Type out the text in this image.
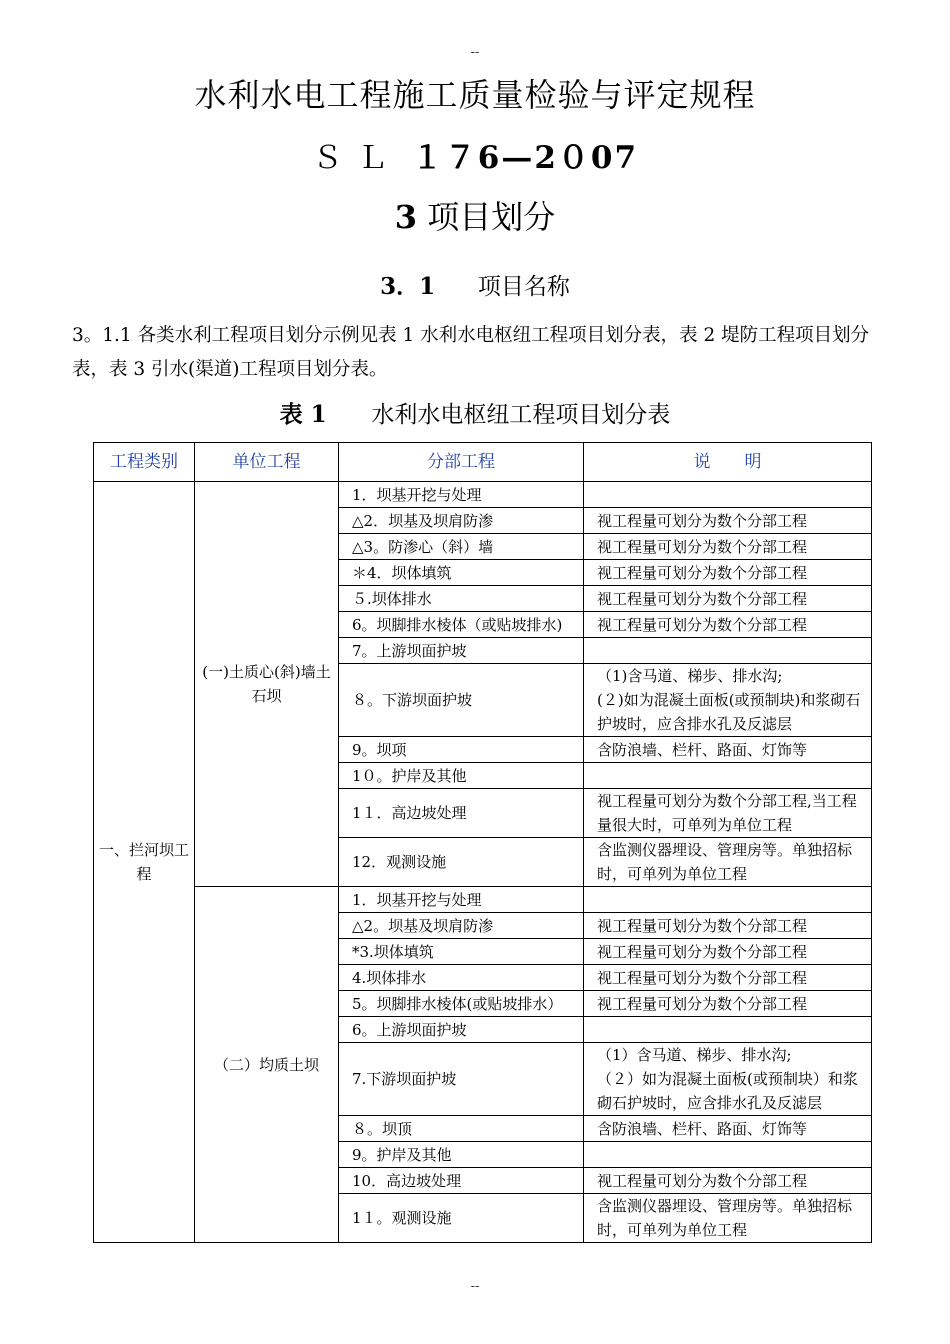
--
水利水电工程施工质量检验与评定规程
ＳＬ １７6—2０07
3 项目划分
3．1 项目名称
3。1.1 各类水利工程项目划分示例见表 1 水利水电枢纽工程项目划分表，表 2 堤防工程项目划分表，表 3 引水(渠道)工程项目划分表。
表 1 水利水电枢纽工程项目划分表
工程类别	单位工程	分部工程	说　　明
一、拦河坝工程	(一)土质心(斜)墙土石坝	1．坝基开挖与处理	
		△2．坝基及坝肩防渗	视工程量可划分为数个分部工程
		△3。防渗心（斜）墙	视工程量可划分为数个分部工程
		＊4．坝体填筑	视工程量可划分为数个分部工程
		５.坝体排水	视工程量可划分为数个分部工程
		6。坝脚排水棱体（或贴坡排水)	视工程量可划分为数个分部工程
		7。上游坝面护坡	
		８。下游坝面护坡	（1)含马道、梯步、排水沟;
(２)如为混凝土面板(或预制块)和浆砌石护坡时，应含排水孔及反滤层
		9。坝项	含防浪墙、栏杆、路面、灯饰等
		1０。护岸及其他	
		1１．高边坡处理	视工程量可划分为数个分部工程,当工程量很大时，可单列为单位工程
		12．观测设施	含监测仪器埋设、管理房等。单独招标时，可单列为单位工程
	（二）均质土坝	1．坝基开挖与处理	
		△2。坝基及坝肩防渗	视工程量可划分为数个分部工程
		*3.坝体填筑	视工程量可划分为数个分部工程
		4.坝体排水	视工程量可划分为数个分部工程
		5。坝脚排水棱体(或贴坡排水）	视工程量可划分为数个分部工程
		6。上游坝面护坡	
		7.下游坝面护坡	（1）含马道、梯步、排水沟;
（２）如为混凝土面板(或预制块）和浆砌石护坡时，应含排水孔及反滤层
		８。坝顶	含防浪墙、栏杆、路面、灯饰等
		9。护岸及其他	
		10．高边坡处理	视工程量可划分为数个分部工程
		1１。观测设施	含监测仪器埋设、管理房等。单独招标时，可单列为单位工程
--
